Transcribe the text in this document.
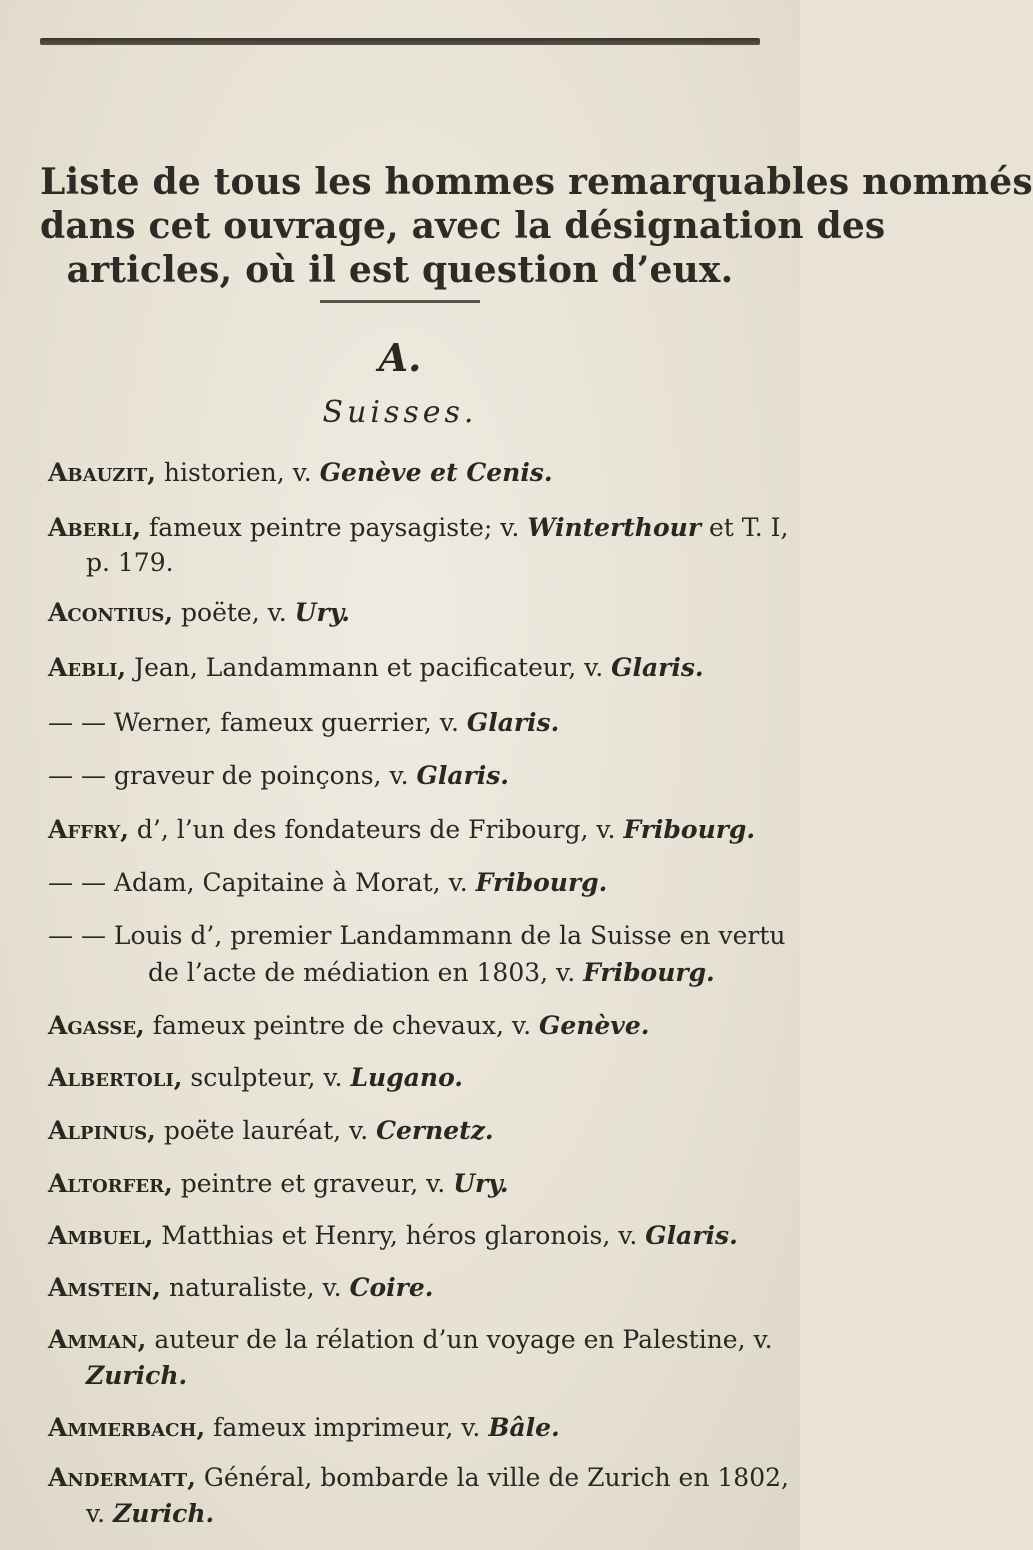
Liste de tous les hommes remarquables nommés
dans cet ouvrage, avec la désignation des
articles, où il est question d’eux.
A.
Suisses.
Abauzit, historien, v. Genève et Cenis.
Aberli, fameux peintre paysagiste; v. Winterthour et T. I,
p. 179.
Acontius, poëte, v. Ury.
Aebli, Jean, Landammann et pacificateur, v. Glaris.
— — Werner, fameux guerrier, v. Glaris.
— — graveur de poinçons, v. Glaris.
Affry, d’, l’un des fondateurs de Fribourg, v. Fribourg.
— — Adam, Capitaine à Morat, v. Fribourg.
— — Louis d’, premier Landammann de la Suisse en vertu
de l’acte de médiation en 1803, v. Fribourg.
Agasse, fameux peintre de chevaux, v. Genève.
Albertoli, sculpteur, v. Lugano.
Alpinus, poëte lauréat, v. Cernetz.
Altorfer, peintre et graveur, v. Ury.
Ambuel, Matthias et Henry, héros glaronois, v. Glaris.
Amstein, naturaliste, v. Coire.
Amman, auteur de la rélation d’un voyage en Palestine, v.
Zurich.
Ammerbach, fameux imprimeur, v. Bâle.
Andermatt, Général, bombarde la ville de Zurich en 1802,
v. Zurich.
